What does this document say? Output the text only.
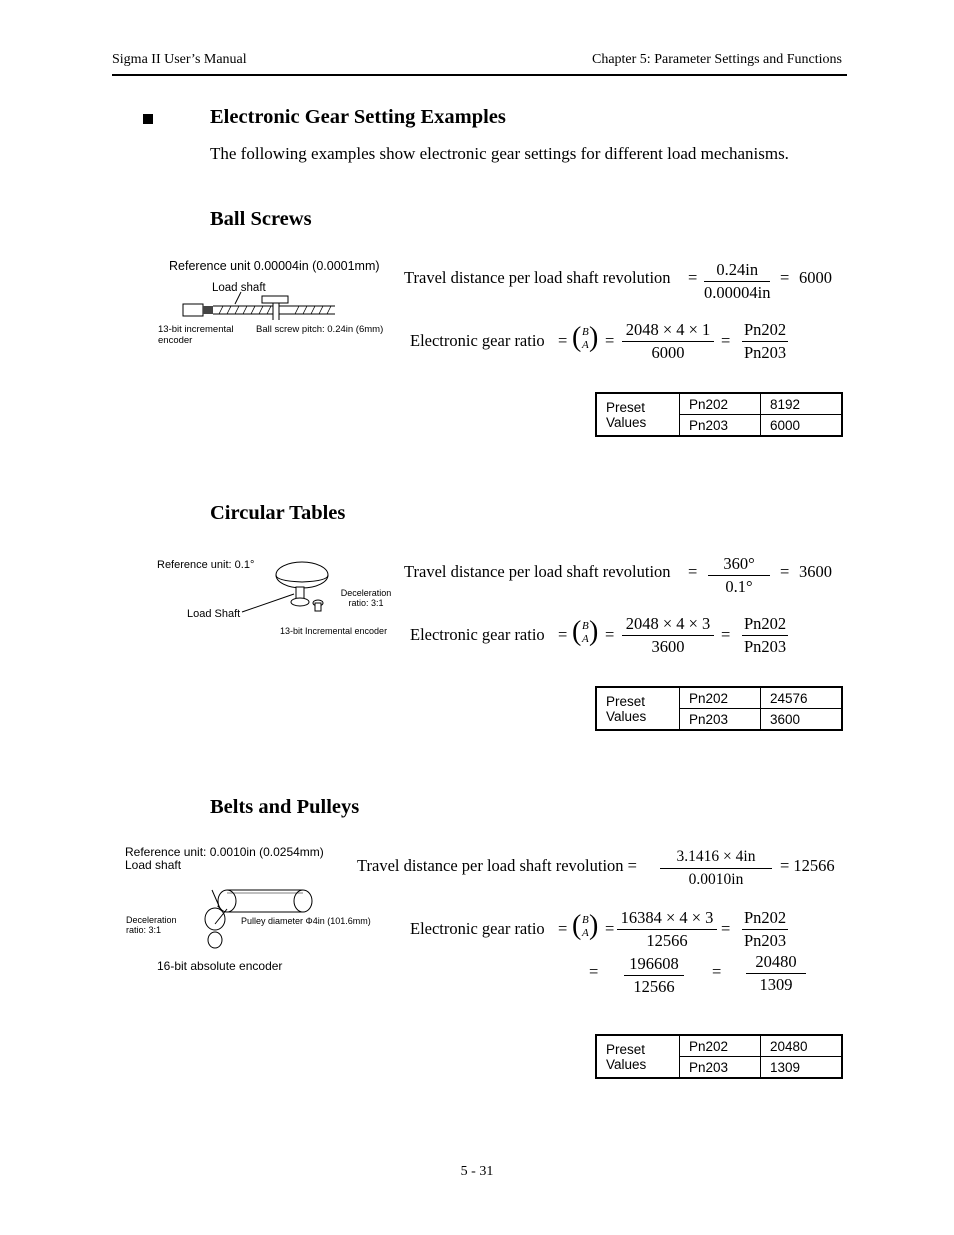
Sigma II User’s Manual	Chapter 5: Parameter Settings and Functions
Electronic Gear Setting Examples
The following examples show electronic gear settings for different load mechanisms.
Ball Screws
Reference unit 0.00004in (0.0001mm)
Load shaft
13-bit incremental encoder
Ball screw pitch: 0.24in (6mm)
Travel distance per load shaft revolution = $\frac{0.24in}{0.00004in} = 6000$
Electronic gear ratio = ( B
A ) = $\frac{2048 \times 4 \times 1}{6000} = \frac{Pn202}{Pn203}$
Preset Values	Pn202	8192
	Pn203	6000
Circular Tables
Reference unit: 0.1°
Deceleration ratio: 3:1
Load Shaft
13-bit Incremental encoder
Travel distance per load shaft revolution = $\frac{360^\circ}{0.1^\circ} = 3600$
Electronic gear ratio = ( B
A ) = $\frac{2048 \times 4 \times 3}{3600} = \frac{Pn202}{Pn203}$
Preset Values	Pn202	24576
	Pn203	3600
Belts and Pulleys
Reference unit: 0.0010in (0.0254mm)
Load shaft
Deceleration ratio: 3:1
Pulley diameter Φ4in (101.6mm)
16-bit absolute encoder
Travel distance per load shaft revolution = $\frac{3.1416 \times 4in}{0.0010in} = 12566$
Electronic gear ratio = ( B
A ) = $\frac{16384 \times 4 \times 3}{12566} = \frac{Pn202}{Pn203}$
= $\frac{196608}{12566} = \frac{20480}{1309}$
Preset Values	Pn202	20480
	Pn203	1309
5 - 31
